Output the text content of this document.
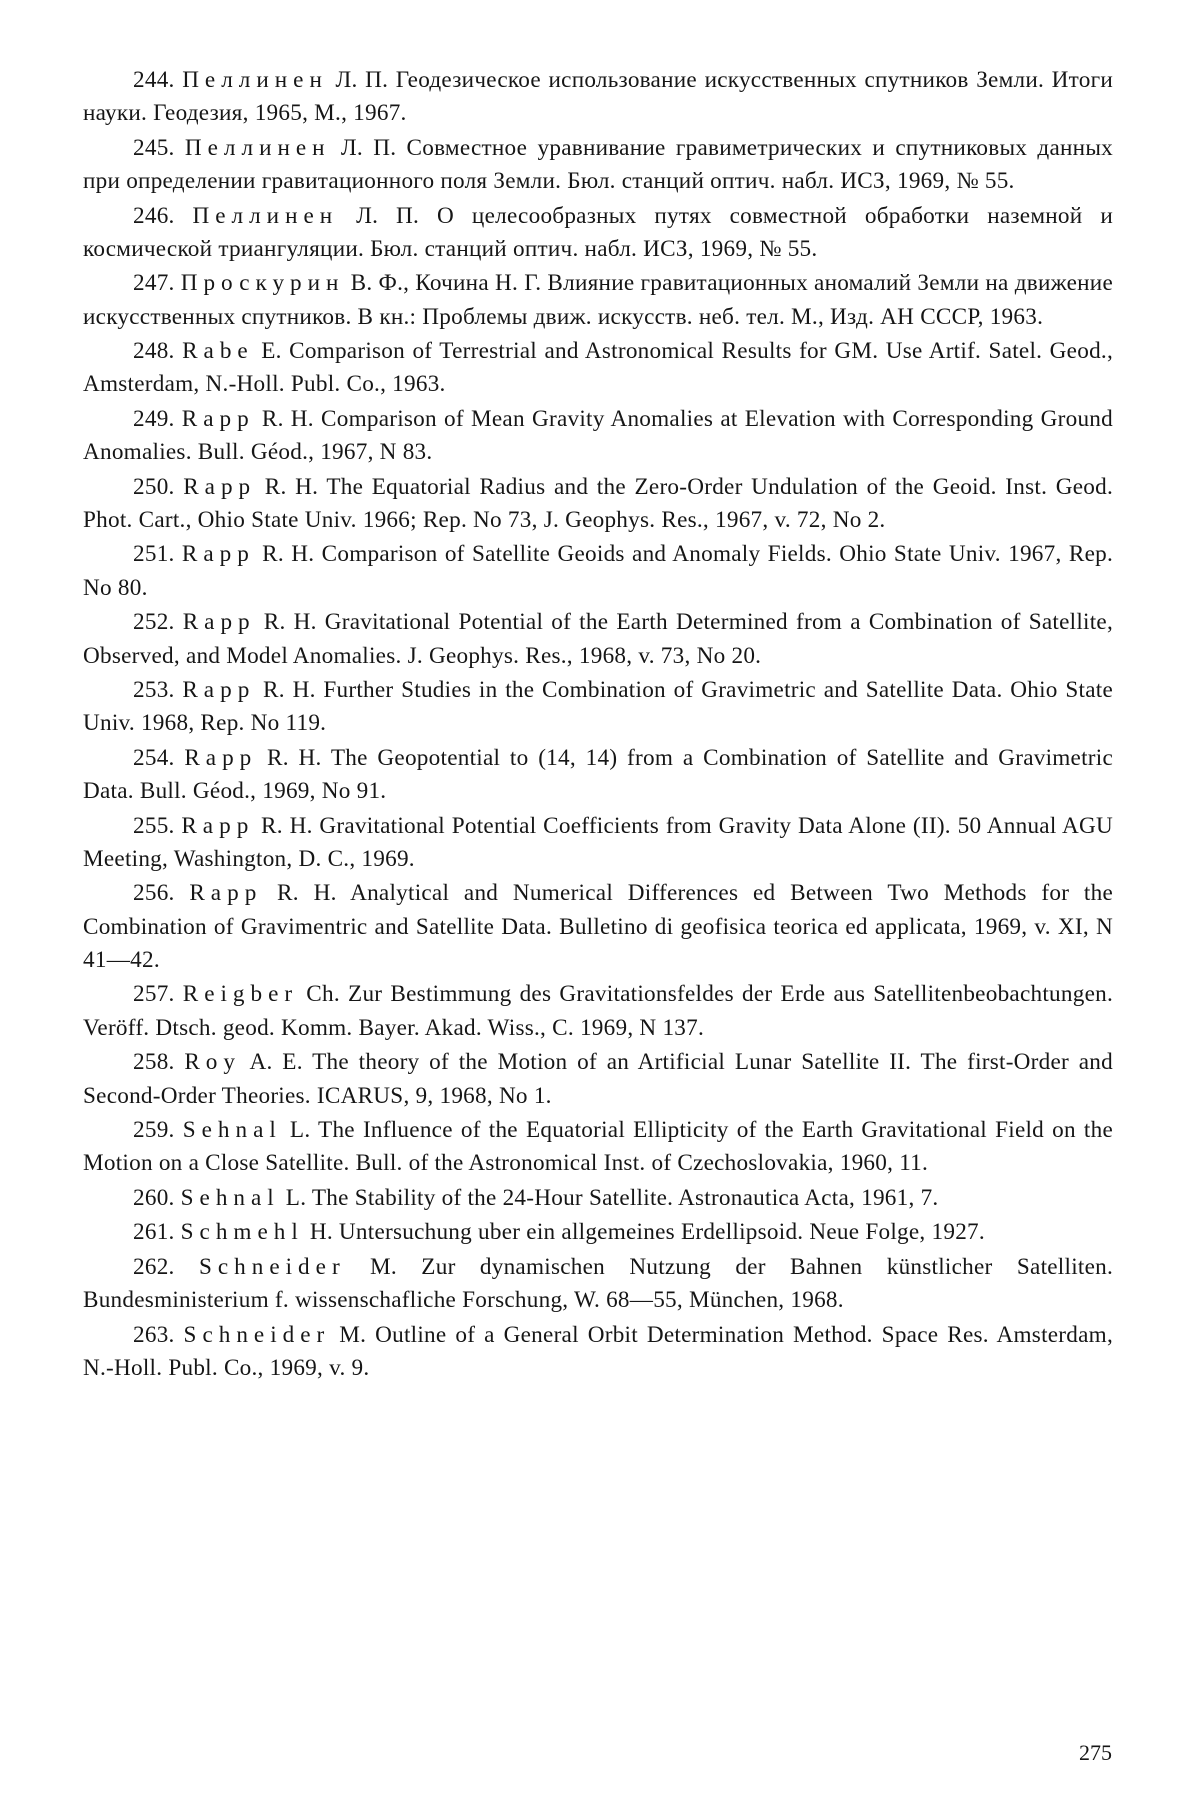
244. Пеллинен Л. П. Геодезическое использование искусственных спутников Земли. Итоги науки. Геодезия, 1965, М., 1967.

245. Пеллинен Л. П. Совместное уравнивание гравиметрических и спутниковых данных при определении гравитационного поля Земли. Бюл. станций оптич. набл. ИСЗ, 1969, № 55.

246. Пеллинен Л. П. О целесообразных путях совместной обработки наземной и космической триангуляции. Бюл. станций оптич. набл. ИСЗ, 1969, № 55.

247. Проскурин В. Ф., Кочина Н. Г. Влияние гравитационных аномалий Земли на движение искусственных спутников. В кн.: Проблемы движ. искусств. неб. тел. М., Изд. АН СССР, 1963.

248. Rabe E. Comparison of Terrestrial and Astronomical Results for GM. Use Artif. Satel. Geod., Amsterdam, N.-Holl. Publ. Co., 1963.

249. Rapp R. H. Comparison of Mean Gravity Anomalies at Elevation with Corresponding Ground Anomalies. Bull. Géod., 1967, N 83.

250. Rapp R. H. The Equatorial Radius and the Zero-Order Undulation of the Geoid. Inst. Geod. Phot. Cart., Ohio State Univ. 1966; Rep. No 73, J. Geophys. Res., 1967, v. 72, No 2.

251. Rapp R. H. Comparison of Satellite Geoids and Anomaly Fields. Ohio State Univ. 1967, Rep. No 80.

252. Rapp R. H. Gravitational Potential of the Earth Determined from a Combination of Satellite, Observed, and Model Anomalies. J. Geophys. Res., 1968, v. 73, No 20.

253. Rapp R. H. Further Studies in the Combination of Gravimetric and Satellite Data. Ohio State Univ. 1968, Rep. No 119.

254. Rapp R. H. The Geopotential to (14, 14) from a Combination of Satellite and Gravimetric Data. Bull. Géod., 1969, No 91.

255. Rapp R. H. Gravitational Potential Coefficients from Gravity Data Alone (II). 50 Annual AGU Meeting, Washington, D. C., 1969.

256. Rapp R. H. Analytical and Numerical Differences ed Between Two Methods for the Combination of Gravimentric and Satellite Data. Bulletino di geofisica teorica ed applicata, 1969, v. XI, N 41—42.

257. Reigber Ch. Zur Bestimmung des Gravitationsfeldes der Erde aus Satellitenbeobachtungen. Veröff. Dtsch. geod. Komm. Bayer. Akad. Wiss., C. 1969, N 137.

258. Roy A. E. The theory of the Motion of an Artificial Lunar Satellite II. The first-Order and Second-Order Theories. ICARUS, 9, 1968, No 1.

259. Sehnal L. The Influence of the Equatorial Ellipticity of the Earth Gravitational Field on the Motion on a Close Satellite. Bull. of the Astronomical Inst. of Czechoslovakia, 1960, 11.

260. Sehnal L. The Stability of the 24-Hour Satellite. Astronautica Acta, 1961, 7.

261. Schmehl H. Untersuchung uber ein allgemeines Erdellipsoid. Neue Folge, 1927.

262. Schneider M. Zur dynamischen Nutzung der Bahnen künstlicher Satelliten. Bundesministerium f. wissenschafliche Forschung, W. 68—55, München, 1968.

263. Schneider M. Outline of a General Orbit Determination Method. Space Res. Amsterdam, N.-Holl. Publ. Co., 1969, v. 9.

275
